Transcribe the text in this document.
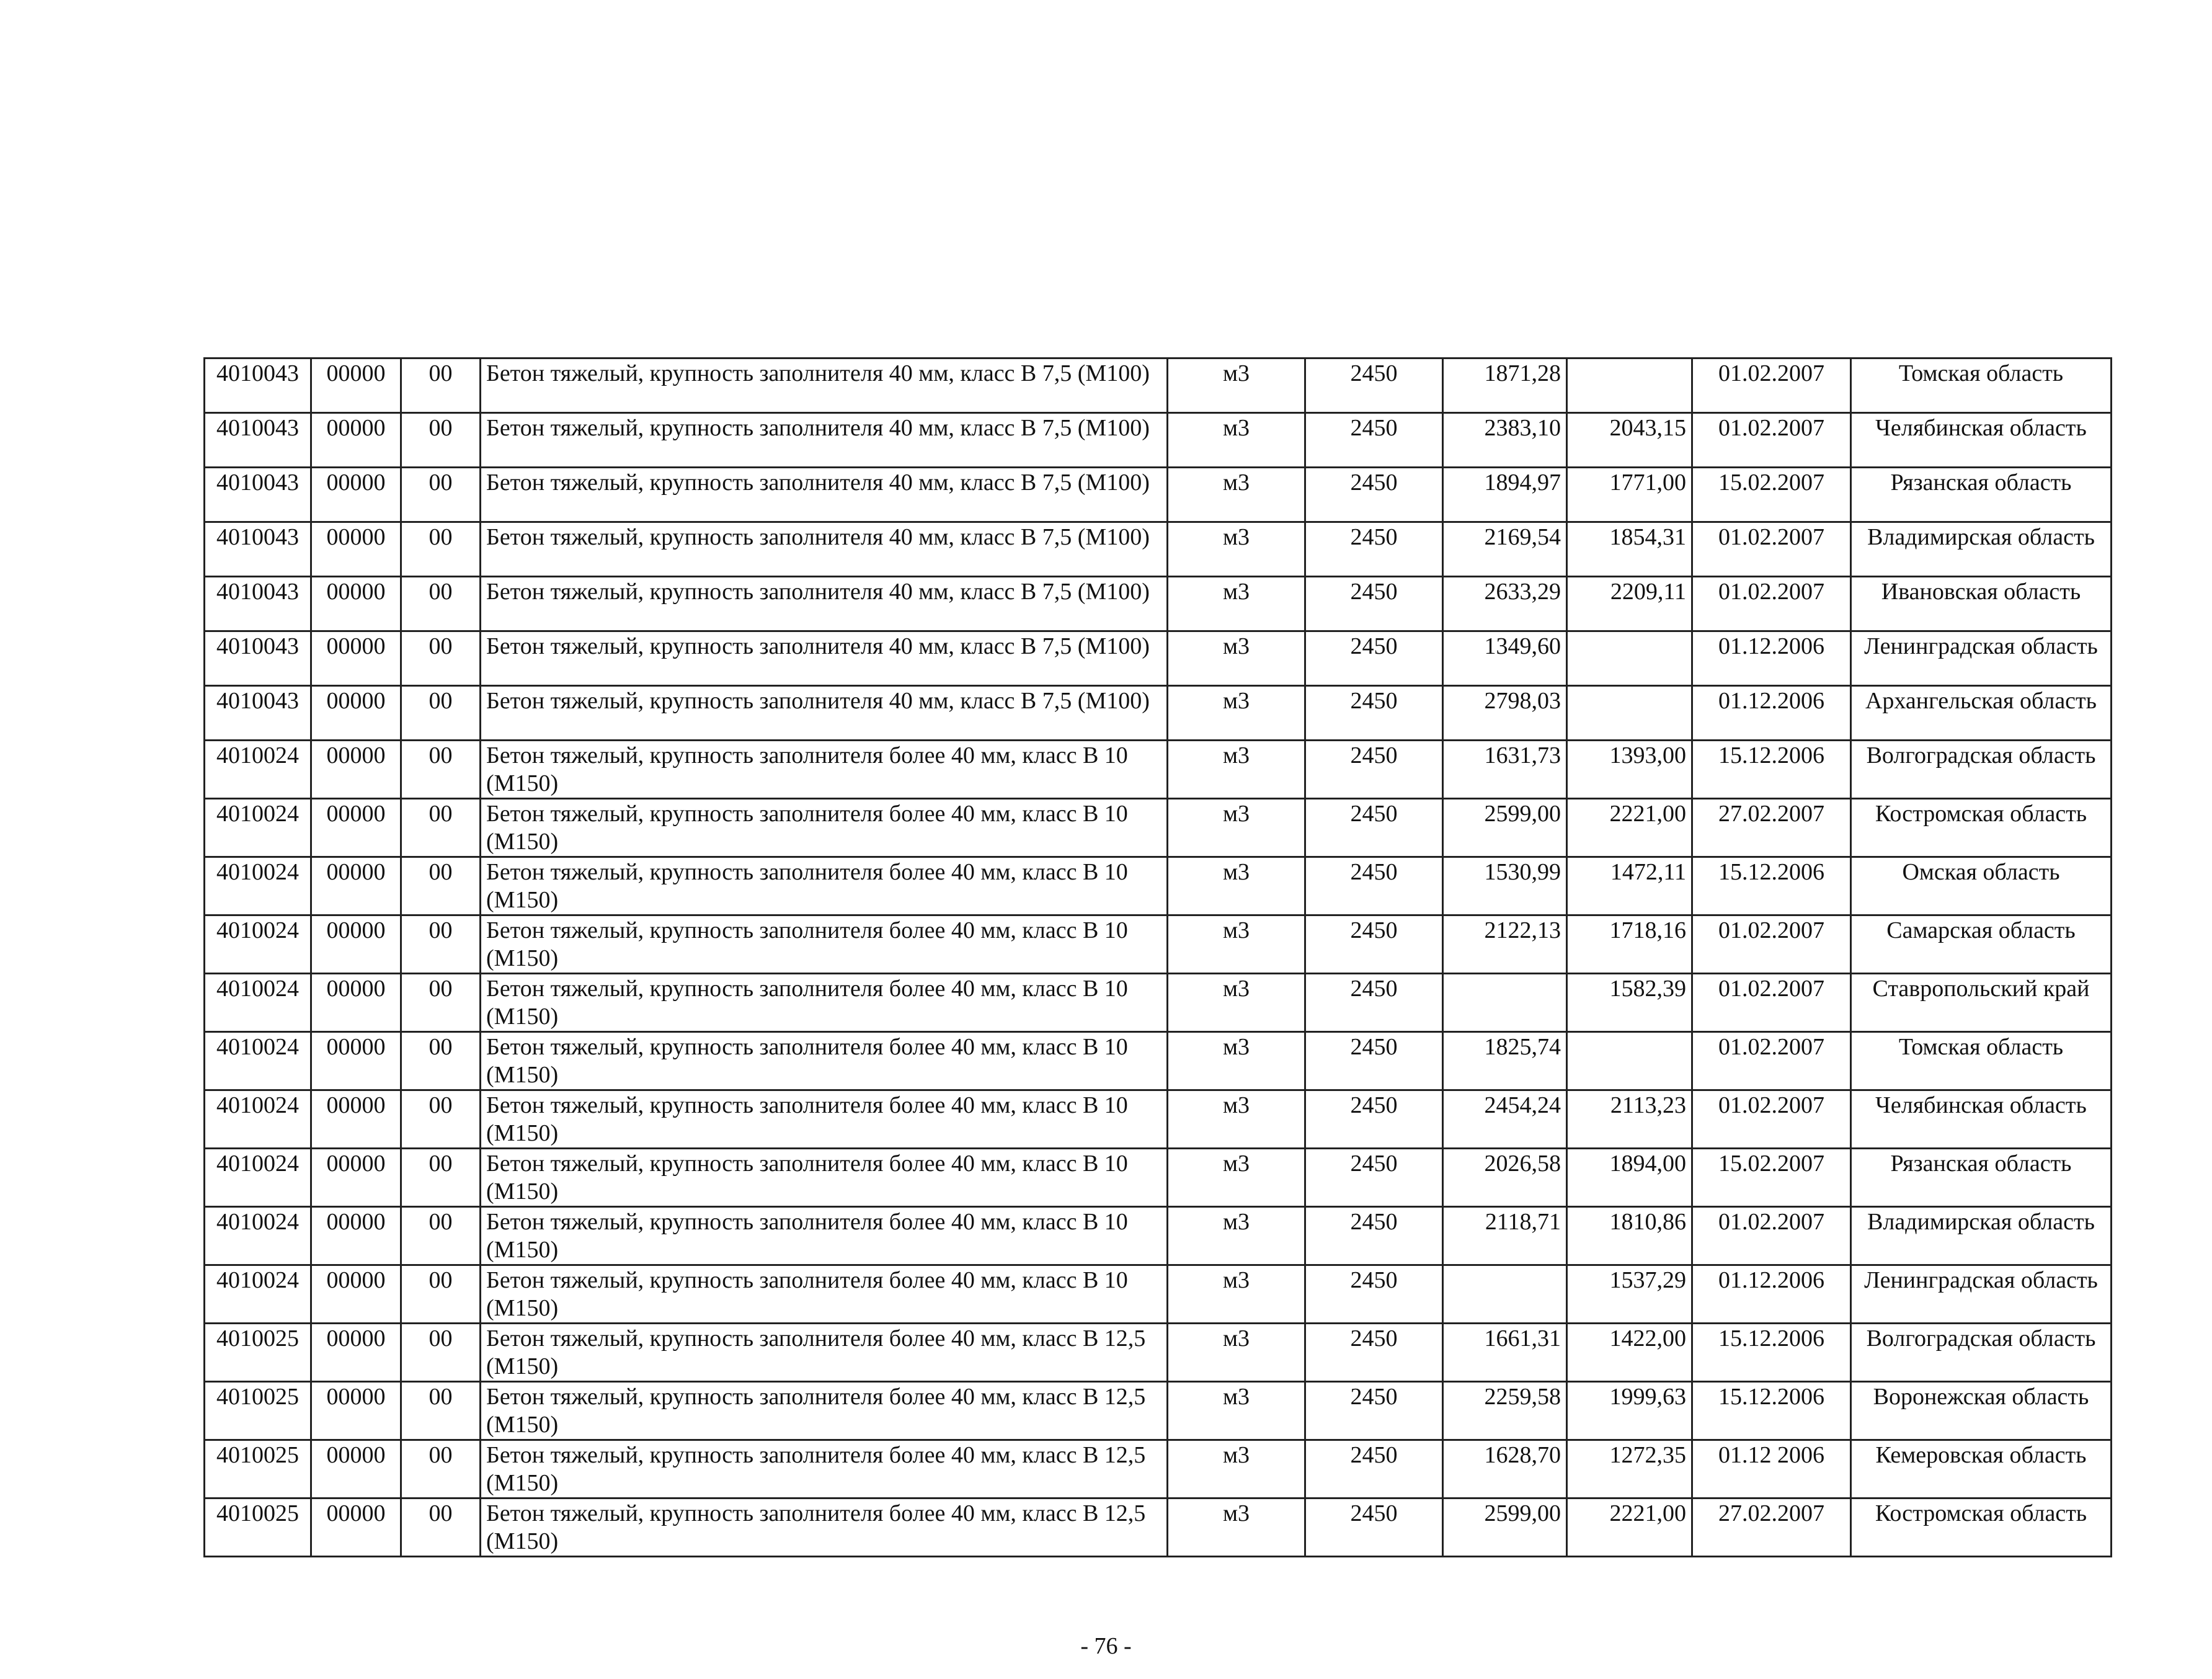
4010043	00000	00	Бетон тяжелый, крупность заполнителя 40 мм, класс В 7,5 (М100)	м3	2450	1871,28		01.02.2007	Томская область
4010043	00000	00	Бетон тяжелый, крупность заполнителя 40 мм, класс В 7,5 (М100)	м3	2450	2383,10	2043,15	01.02.2007	Челябинская область
4010043	00000	00	Бетон тяжелый, крупность заполнителя 40 мм, класс В 7,5 (М100)	м3	2450	1894,97	1771,00	15.02.2007	Рязанская область
4010043	00000	00	Бетон тяжелый, крупность заполнителя 40 мм, класс В 7,5 (М100)	м3	2450	2169,54	1854,31	01.02.2007	Владимирская область
4010043	00000	00	Бетон тяжелый, крупность заполнителя 40 мм, класс В 7,5 (М100)	м3	2450	2633,29	2209,11	01.02.2007	Ивановская область
4010043	00000	00	Бетон тяжелый, крупность заполнителя 40 мм, класс В 7,5 (М100)	м3	2450	1349,60		01.12.2006	Ленинградская область
4010043	00000	00	Бетон тяжелый, крупность заполнителя 40 мм, класс В 7,5 (М100)	м3	2450	2798,03		01.12.2006	Архангельская область
4010024	00000	00	Бетон тяжелый, крупность заполнителя более 40 мм, класс В 10 (М150)	м3	2450	1631,73	1393,00	15.12.2006	Волгоградская область
4010024	00000	00	Бетон тяжелый, крупность заполнителя более 40 мм, класс В 10 (М150)	м3	2450	2599,00	2221,00	27.02.2007	Костромская область
4010024	00000	00	Бетон тяжелый, крупность заполнителя более 40 мм, класс В 10 (М150)	м3	2450	1530,99	1472,11	15.12.2006	Омская область
4010024	00000	00	Бетон тяжелый, крупность заполнителя более 40 мм, класс В 10 (М150)	м3	2450	2122,13	1718,16	01.02.2007	Самарская область
4010024	00000	00	Бетон тяжелый, крупность заполнителя более 40 мм, класс В 10 (М150)	м3	2450		1582,39	01.02.2007	Ставропольский край
4010024	00000	00	Бетон тяжелый, крупность заполнителя более 40 мм, класс В 10 (М150)	м3	2450	1825,74		01.02.2007	Томская область
4010024	00000	00	Бетон тяжелый, крупность заполнителя более 40 мм, класс В 10 (М150)	м3	2450	2454,24	2113,23	01.02.2007	Челябинская область
4010024	00000	00	Бетон тяжелый, крупность заполнителя более 40 мм, класс В 10 (М150)	м3	2450	2026,58	1894,00	15.02.2007	Рязанская область
4010024	00000	00	Бетон тяжелый, крупность заполнителя более 40 мм, класс В 10 (М150)	м3	2450	2118,71	1810,86	01.02.2007	Владимирская область
4010024	00000	00	Бетон тяжелый, крупность заполнителя более 40 мм, класс В 10 (М150)	м3	2450		1537,29	01.12.2006	Ленинградская область
4010025	00000	00	Бетон тяжелый, крупность заполнителя более 40 мм, класс В 12,5 (М150)	м3	2450	1661,31	1422,00	15.12.2006	Волгоградская область
4010025	00000	00	Бетон тяжелый, крупность заполнителя более 40 мм, класс В 12,5 (М150)	м3	2450	2259,58	1999,63	15.12.2006	Воронежская область
4010025	00000	00	Бетон тяжелый, крупность заполнителя более 40 мм, класс В 12,5 (М150)	м3	2450	1628,70	1272,35	01.12 2006	Кемеровская область
4010025	00000	00	Бетон тяжелый, крупность заполнителя более 40 мм, класс В 12,5 (М150)	м3	2450	2599,00	2221,00	27.02.2007	Костромская область
- 76 -
